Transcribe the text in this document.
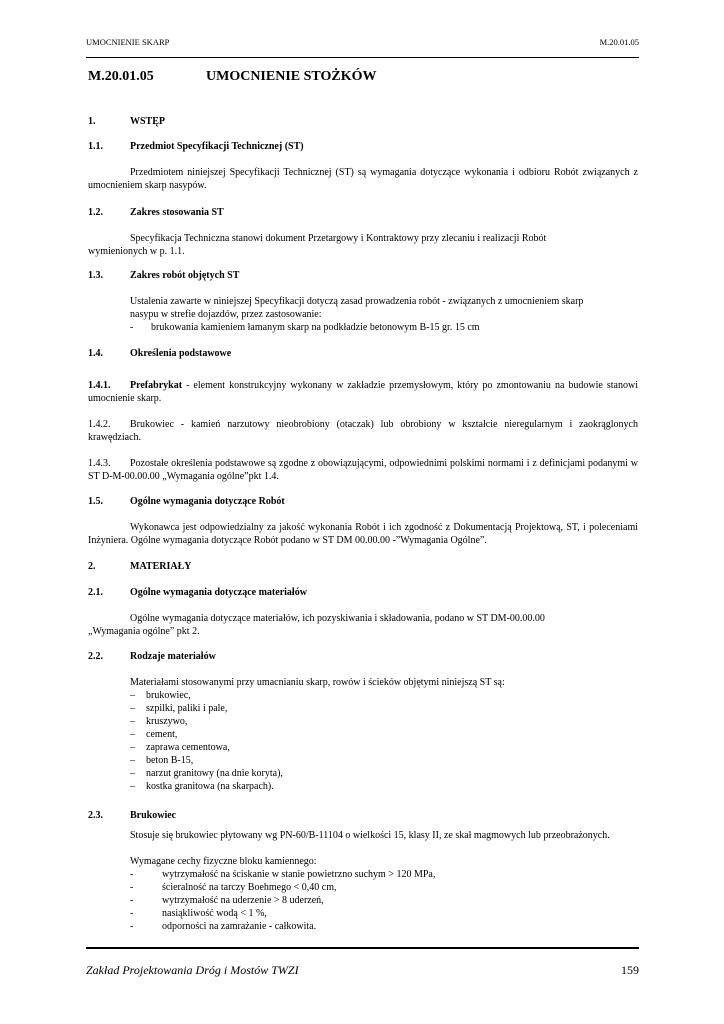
UMOCNIENIE SKARP	M.20.01.05
M.20.01.05	UMOCNIENIE STOŻKÓW
1.	WSTĘP
1.1.	Przedmiot Specyfikacji Technicznej (ST)
Przedmiotem niniejszej Specyfikacji Technicznej (ST) są wymagania dotyczące wykonania i odbioru Robót związanych z umocnieniem skarp nasypów.
1.2.	Zakres stosowania ST
Specyfikacja Techniczna stanowi dokument Przetargowy i Kontraktowy przy zlecaniu i realizacji Robót
wymienionych w p. 1.1.
1.3.	Zakres robót objętych ST
Ustalenia zawarte w niniejszej Specyfikacji dotyczą zasad prowadzenia robót - związanych z umocnieniem skarp
nasypu w strefie dojazdów, przez zastosowanie:
- brukowania kamieniem łamanym skarp na podkładzie betonowym B-15 gr. 15 cm
1.4.	Określenia podstawowe
1.4.1. Prefabrykat - element konstrukcyjny wykonany w zakładzie przemysłowym, który po zmontowaniu na budowie stanowi umocnienie skarp.
1.4.2. Brukowiec - kamień narzutowy nieobrobiony (otaczak) lub obrobiony w kształcie nieregularnym i zaokrąglonych krawędziach.
1.4.3. Pozostałe określenia podstawowe są zgodne z obowiązującymi, odpowiednimi polskimi normami i z definicjami podanymi w ST D-M-00.00.00 „Wymagania ogólne”pkt 1.4.
1.5.	Ogólne wymagania dotyczące Robót
Wykonawca jest odpowiedzialny za jakość wykonania Robót i ich zgodność z Dokumentacją Projektową, ST, i poleceniami Inżyniera. Ogólne wymagania dotyczące Robót podano w ST DM 00.00.00 -”Wymagania Ogólne”.
2.	MATERIAŁY
2.1.	Ogólne wymagania dotyczące materiałów
Ogólne wymagania dotyczące materiałów, ich pozyskiwania i składowania, podano w ST DM-00.00.00
„Wymagania ogólne” pkt 2.
2.2.	Rodzaje materiałów
Materiałami stosowanymi przy umacnianiu skarp, rowów i ścieków objętymi niniejszą ST są:
– brukowiec,
– szpilki, paliki i pale,
– kruszywo,
– cement,
– zaprawa cementowa,
– beton B-15,
– narzut granitowy (na dnie koryta),
– kostka granitowa (na skarpach).
2.3.	Brukowiec
Stosuje się brukowiec płytowany wg PN-60/B-11104 o wielkości 15, klasy II, ze skał magmowych lub przeobrażonych.
Wymagane cechy fizyczne bloku kamiennego:
-	wytrzymałość na ściskanie w stanie powietrzno suchym > 120 MPa,
-	ścieralność na tarczy Boehmego < 0,40 cm,
-	wytrzymałość na uderzenie > 8 uderzeń,
-	nasiąkliwość wodą < 1 %,
-	odporności na zamrażanie - całkowita.
Zakład Projektowania Dróg i Mostów TWZI	159
